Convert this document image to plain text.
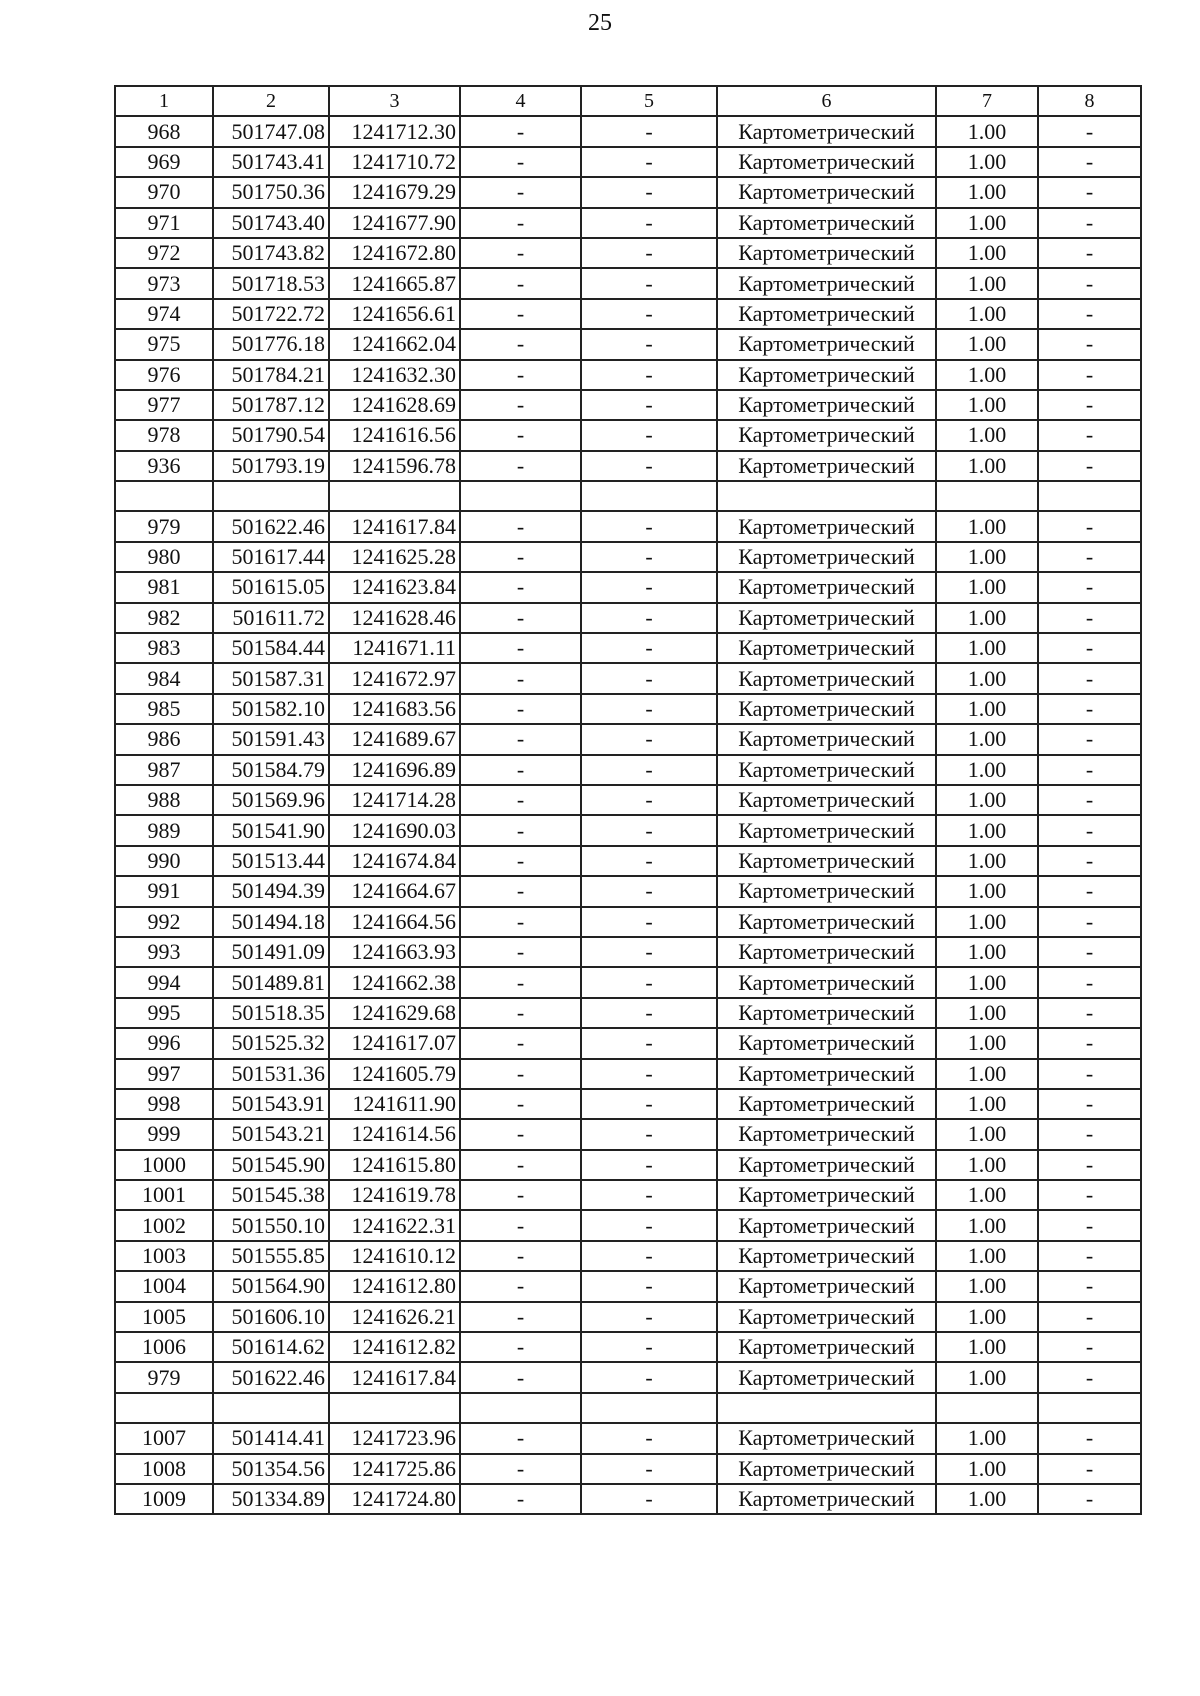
25
1	2	3	4	5	6	7	8
968	501747.08	1241712.30	-	-	Картометрический	1.00	-
969	501743.41	1241710.72	-	-	Картометрический	1.00	-
970	501750.36	1241679.29	-	-	Картометрический	1.00	-
971	501743.40	1241677.90	-	-	Картометрический	1.00	-
972	501743.82	1241672.80	-	-	Картометрический	1.00	-
973	501718.53	1241665.87	-	-	Картометрический	1.00	-
974	501722.72	1241656.61	-	-	Картометрический	1.00	-
975	501776.18	1241662.04	-	-	Картометрический	1.00	-
976	501784.21	1241632.30	-	-	Картометрический	1.00	-
977	501787.12	1241628.69	-	-	Картометрический	1.00	-
978	501790.54	1241616.56	-	-	Картометрический	1.00	-
936	501793.19	1241596.78	-	-	Картометрический	1.00	-

979	501622.46	1241617.84	-	-	Картометрический	1.00	-
980	501617.44	1241625.28	-	-	Картометрический	1.00	-
981	501615.05	1241623.84	-	-	Картометрический	1.00	-
982	501611.72	1241628.46	-	-	Картометрический	1.00	-
983	501584.44	1241671.11	-	-	Картометрический	1.00	-
984	501587.31	1241672.97	-	-	Картометрический	1.00	-
985	501582.10	1241683.56	-	-	Картометрический	1.00	-
986	501591.43	1241689.67	-	-	Картометрический	1.00	-
987	501584.79	1241696.89	-	-	Картометрический	1.00	-
988	501569.96	1241714.28	-	-	Картометрический	1.00	-
989	501541.90	1241690.03	-	-	Картометрический	1.00	-
990	501513.44	1241674.84	-	-	Картометрический	1.00	-
991	501494.39	1241664.67	-	-	Картометрический	1.00	-
992	501494.18	1241664.56	-	-	Картометрический	1.00	-
993	501491.09	1241663.93	-	-	Картометрический	1.00	-
994	501489.81	1241662.38	-	-	Картометрический	1.00	-
995	501518.35	1241629.68	-	-	Картометрический	1.00	-
996	501525.32	1241617.07	-	-	Картометрический	1.00	-
997	501531.36	1241605.79	-	-	Картометрический	1.00	-
998	501543.91	1241611.90	-	-	Картометрический	1.00	-
999	501543.21	1241614.56	-	-	Картометрический	1.00	-
1000	501545.90	1241615.80	-	-	Картометрический	1.00	-
1001	501545.38	1241619.78	-	-	Картометрический	1.00	-
1002	501550.10	1241622.31	-	-	Картометрический	1.00	-
1003	501555.85	1241610.12	-	-	Картометрический	1.00	-
1004	501564.90	1241612.80	-	-	Картометрический	1.00	-
1005	501606.10	1241626.21	-	-	Картометрический	1.00	-
1006	501614.62	1241612.82	-	-	Картометрический	1.00	-
979	501622.46	1241617.84	-	-	Картометрический	1.00	-

1007	501414.41	1241723.96	-	-	Картометрический	1.00	-
1008	501354.56	1241725.86	-	-	Картометрический	1.00	-
1009	501334.89	1241724.80	-	-	Картометрический	1.00	-
